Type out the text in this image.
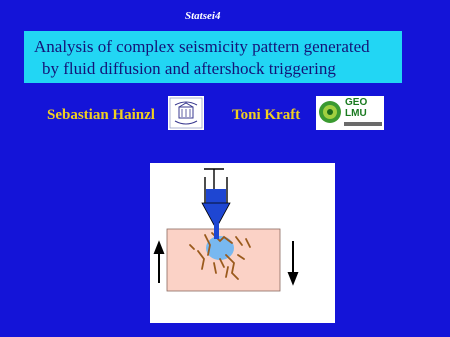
Statsei4
Analysis of complex seismicity pattern generated
by fluid diffusion and aftershock triggering
Sebastian Hainzl	Toni Kraft
GEO
LMU
